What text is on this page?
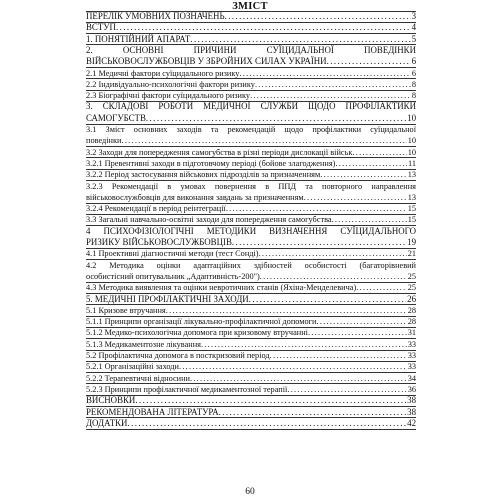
ЗМІСТ
ПЕРЕЛІК УМОВНИХ ПОЗНАЧЕНЬ . . .	3
ВСТУП . . .	4
1. ПОНЯТІЙНИЙ АПАРАТ . . .	5
2. ОСНОВНІ ПРИЧИНИ СУЇЦИДАЛЬНОЇ ПОВЕДІНКИ
ВІЙСЬКОВОСЛУЖБОВЦІВ У ЗБРОЙНИХ СИЛАХ УКРАЇНИ . . .	6
2.1 Медичні фактори суїцидального ризику . . .	6
2.2 Індивідуально-психологічні фактори ризику . . .	8
2.3 Біографічні фактори суїцидального ризику . . .	8
3. СКЛАДОВІ РОБОТИ МЕДИЧНОЇ СЛУЖБИ ЩОДО ПРОФІЛАКТИКИ
САМОГУБСТВ . . .	10
3.1 Зміст основних заходів та рекомендацій щодо профілактики суїцидальної
поведінки . . .	10
3.2 Заходи для попередження самогубства в різні періоди дислокації військ . . .	10
3.2.1 Превентивні заходи в підготовчому періоді (бойове злагодження) . . .	11
3.2.2 Період застосування військових підрозділів за призначенням . . .	13
3.2.3 Рекомендації в умовах повернення в ППД та повторного направлення
військовослужбовців для виконання завдань за призначенням . . .	13
3.2.4 Рекомендації в період реінтеграції . . .	15
3.3 Загальні навчально-освітні заходи для попередження самогубства . . .	15
4 ПСИХОФІЗІОЛОГІЧНІ МЕТОДИКИ ВИЗНАЧЕННЯ СУЇЦИДАЛЬНОГО
РИЗИКУ ВІЙСЬКОВОСЛУЖБОВЦІВ . . .	19
4.1 Проективні діагностичні методи (тест Сонді) . . .	21
4.2 Методика оцінки адаптаційних здібностей особистості (багаторівневий
особистісний опитувальник „Адаптивність-200") . . .	25
4.3 Методика виявлення та оцінки невротичних станів (Яхіна-Менделевича) . . .	25
5. МЕДИЧНІ ПРОФІЛАКТИЧНІ ЗАХОДИ . . .	26
5.1 Кризове втручання . . .	28
5.1.1 Принципи організації лікувально-профілактичної допомоги . . .	28
5.1.2 Медико-психологічна допомога при кризовому втручанні . . .	31
5.1.3 Медикаментозне лікування . . .	33
5.2 Профілактична допомога в посткризовий період . . .	33
5.2.1 Організаційні заходи . . .	33
5.2.2 Терапевтичні відносини . . .	34
5.2.3 Принципи профілактичної медикаментозної терапії . . .	36
ВИСНОВКИ . . .	38
РЕКОМЕНДОВАНА ЛІТЕРАТУРА . . .	38
ДОДАТКИ . . .	42
60
